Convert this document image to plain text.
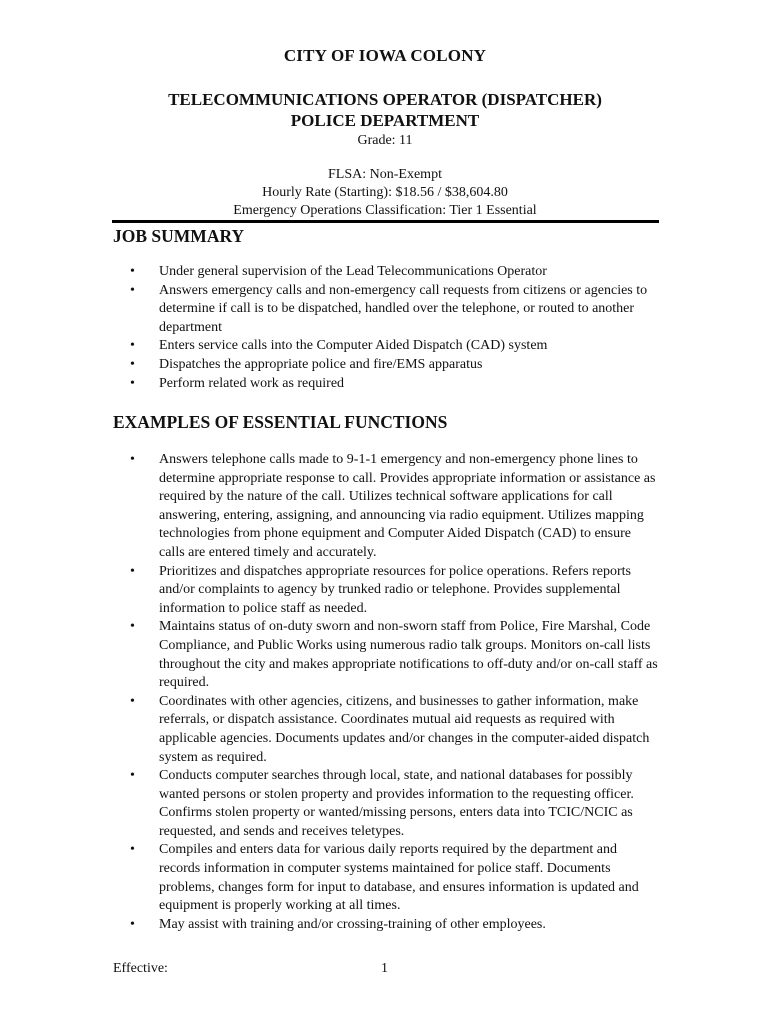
CITY OF IOWA COLONY
TELECOMMUNICATIONS OPERATOR (DISPATCHER)
POLICE DEPARTMENT
Grade: 11
FLSA: Non-Exempt
Hourly Rate (Starting): $18.56 / $38,604.80
Emergency Operations Classification: Tier 1 Essential
JOB SUMMARY
• Under general supervision of the Lead Telecommunications Operator
• Answers emergency calls and non-emergency call requests from citizens or agencies to determine if call is to be dispatched, handled over the telephone, or routed to another department
• Enters service calls into the Computer Aided Dispatch (CAD) system
• Dispatches the appropriate police and fire/EMS apparatus
• Perform related work as required
EXAMPLES OF ESSENTIAL FUNCTIONS
• Answers telephone calls made to 9-1-1 emergency and non-emergency phone lines to determine appropriate response to call. Provides appropriate information or assistance as required by the nature of the call. Utilizes technical software applications for call answering, entering, assigning, and announcing via radio equipment. Utilizes mapping technologies from phone equipment and Computer Aided Dispatch (CAD) to ensure calls are entered timely and accurately.
• Prioritizes and dispatches appropriate resources for police operations. Refers reports and/or complaints to agency by trunked radio or telephone. Provides supplemental information to police staff as needed.
• Maintains status of on-duty sworn and non-sworn staff from Police, Fire Marshal, Code Compliance, and Public Works using numerous radio talk groups. Monitors on-call lists throughout the city and makes appropriate notifications to off-duty and/or on-call staff as required.
• Coordinates with other agencies, citizens, and businesses to gather information, make referrals, or dispatch assistance. Coordinates mutual aid requests as required with applicable agencies. Documents updates and/or changes in the computer-aided dispatch system as required.
• Conducts computer searches through local, state, and national databases for possibly wanted persons or stolen property and provides information to the requesting officer. Confirms stolen property or wanted/missing persons, enters data into TCIC/NCIC as requested, and sends and receives teletypes.
• Compiles and enters data for various daily reports required by the department and records information in computer systems maintained for police staff. Documents problems, changes form for input to database, and ensures information is updated and equipment is properly working at all times.
• May assist with training and/or crossing-training of other employees.
Effective:	1
